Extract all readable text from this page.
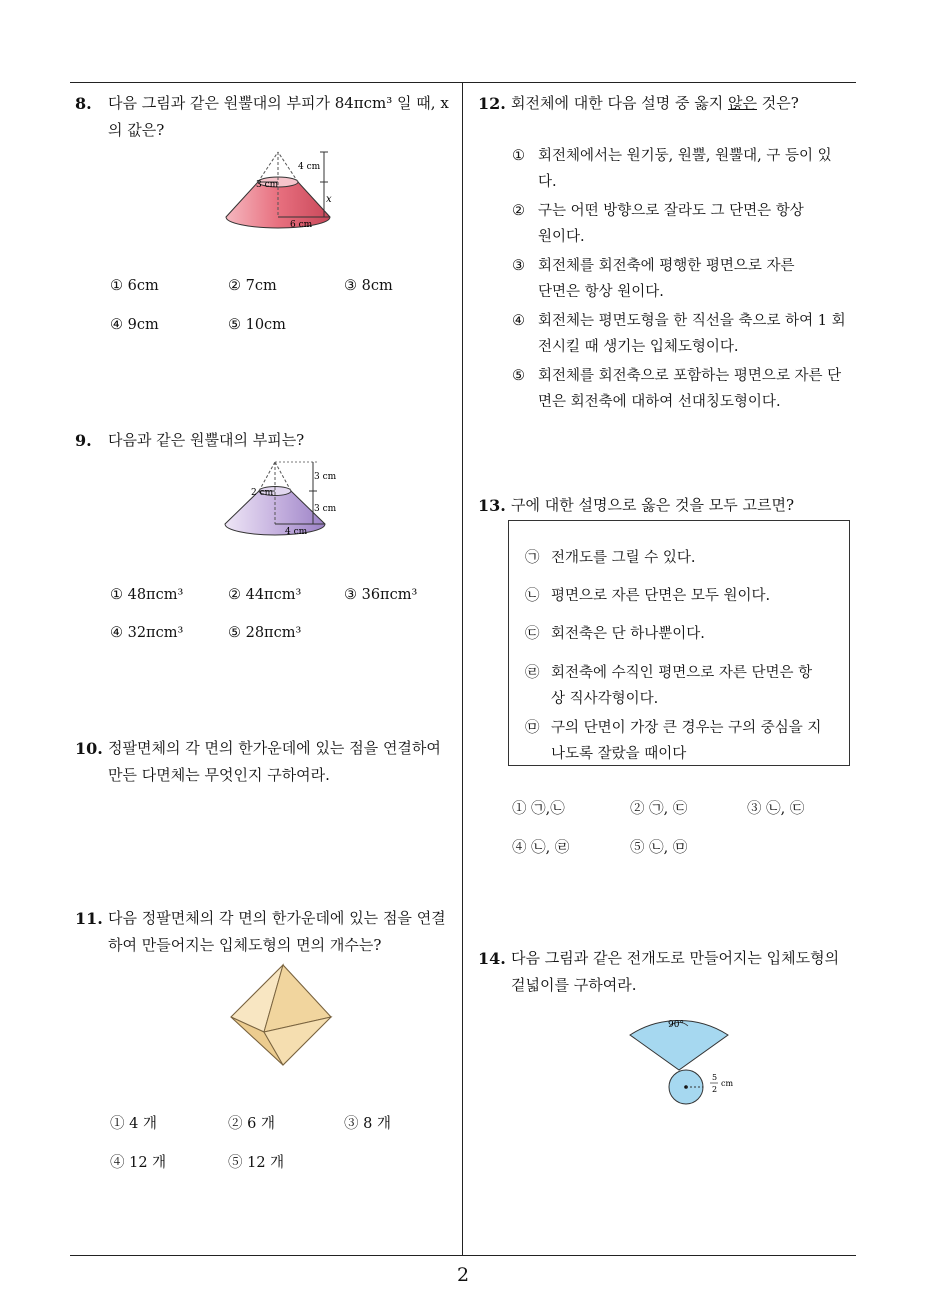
2
8. 다음 그림과 같은 원뿔대의 부피가 84πcm³ 일 때, x 의 값은?
4 cm
x
3 cm
6 cm
① 6cm	② 7cm	③ 8cm
④ 9cm	⑤ 10cm
9. 다음과 같은 원뿔대의 부피는?
3 cm
2 cm
3 cm
4 cm
① 48πcm³	② 44πcm³	③ 36πcm³
④ 32πcm³	⑤ 28πcm³
10. 정팔면체의 각 면의 한가운데에 있는 점을 연결하여 만든 다면체는 무엇인지 구하여라.
11. 다음 정팔면체의 각 면의 한가운데에 있는 점을 연결하여 만들어지는 입체도형의 면의 개수는?
① 4 개	② 6 개	③ 8 개
④ 12 개	⑤ 12 개
12. 회전체에 대한 다음 설명 중 옳지 않은 것은?
① 회전체에서는 원기둥, 원뿔, 원뿔대, 구 등이 있다.
② 구는 어떤 방향으로 잘라도 그 단면은 항상 원이다.
③ 회전체를 회전축에 평행한 평면으로 자른 단면은 항상 원이다.
④ 회전체는 평면도형을 한 직선을 축으로 하여 1 회전시킬 때 생기는 입체도형이다.
⑤ 회전체를 회전축으로 포함하는 평면으로 자른 단면은 회전축에 대하여 선대칭도형이다.
13. 구에 대한 설명으로 옳은 것을 모두 고르면?
㉠ 전개도를 그릴 수 있다.
㉡ 평면으로 자른 단면은 모두 원이다.
㉢ 회전축은 단 하나뿐이다.
㉣ 회전축에 수직인 평면으로 자른 단면은 항상 직사각형이다.
㉤ 구의 단면이 가장 큰 경우는 구의 중심을 지나도록 잘랐을 때이다
① ㉠,㉡	② ㉠, ㉢	③ ㉡, ㉢
④ ㉡, ㉣	⑤ ㉡, ㉤
14. 다음 그림과 같은 전개도로 만들어지는 입체도형의 겉넓이를 구하여라.
90°
5
2
cm
